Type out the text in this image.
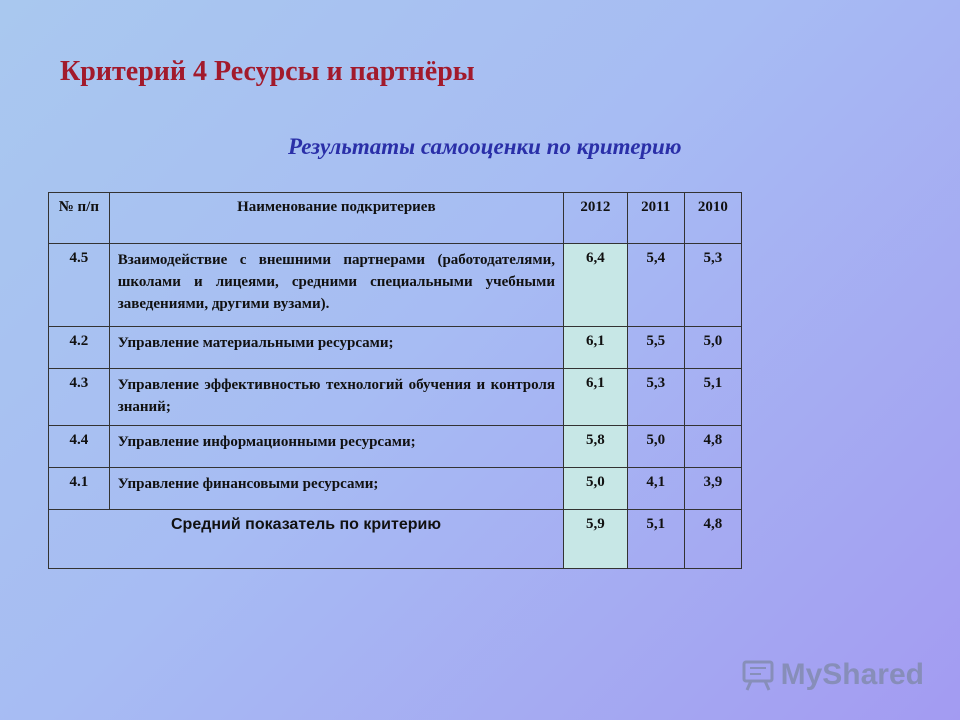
Критерий 4 Ресурсы и партнёры
Результаты самооценки по критерию
№ п/п	Наименование подкритериев	2012	2011	2010
4.5	Взаимодействие с внешними партнерами (работодателями, школами и лицеями, средними специальными учебными заведениями, другими вузами).	6,4	5,4	5,3
4.2	Управление материальными ресурсами;	6,1	5,5	5,0
4.3	Управление эффективностью технологий обучения и контроля знаний;	6,1	5,3	5,1
4.4	Управление информационными ресурсами;	5,8	5,0	4,8
4.1	Управление финансовыми ресурсами;	5,0	4,1	3,9
Средний показатель по критерию		5,9	5,1	4,8
MyShared
